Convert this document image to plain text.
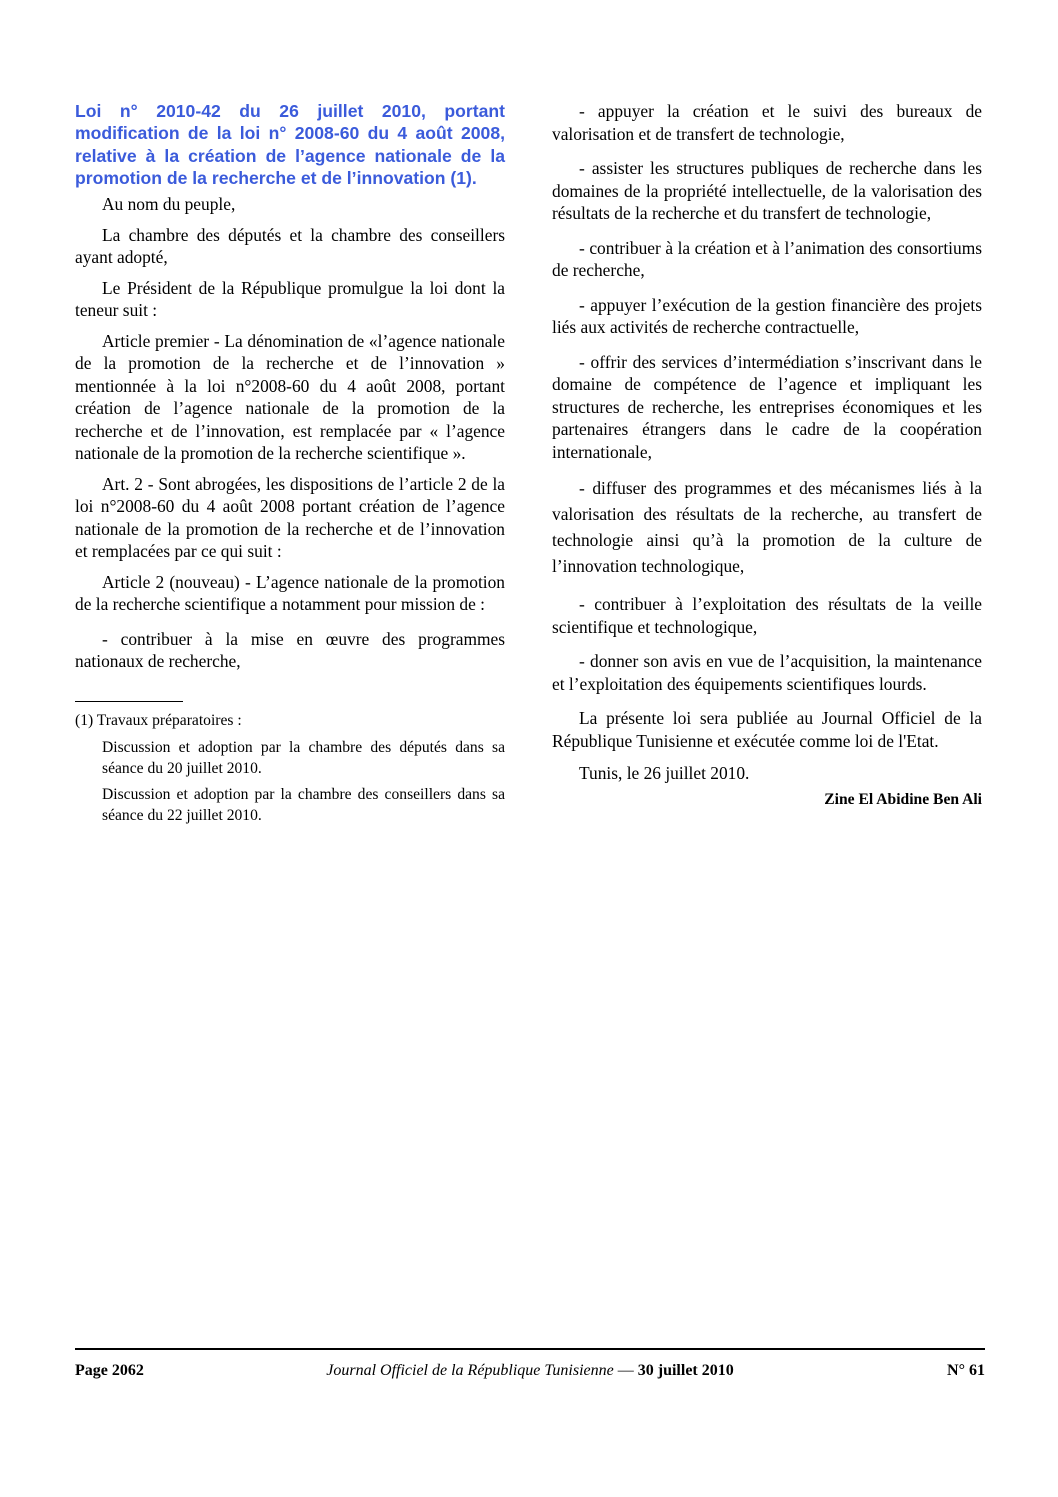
Loi n° 2010-42 du 26 juillet 2010, portant modification de la loi n° 2008-60 du 4 août 2008, relative à la création de l’agence nationale de la promotion de la recherche et de l’innovation (1).

Au nom du peuple,

La chambre des députés et la chambre des conseillers ayant adopté,

Le Président de la République promulgue la loi dont la teneur suit :

Article premier - La dénomination de «l’agence nationale de la promotion de la recherche et de l’innovation » mentionnée à la loi n°2008-60 du 4 août 2008, portant création de l’agence nationale de la promotion de la recherche et de l’innovation, est remplacée par « l’agence nationale de la promotion de la recherche scientifique ».

Art. 2 - Sont abrogées, les dispositions de l’article 2 de la loi n°2008-60 du 4 août 2008 portant création de l’agence nationale de la promotion de la recherche et de l’innovation et remplacées par ce qui suit :

Article 2 (nouveau) - L’agence nationale de la promotion de la recherche scientifique a notamment pour mission de :

- contribuer à la mise en œuvre des programmes nationaux de recherche,

(1) Travaux préparatoires :

Discussion et adoption par la chambre des députés dans sa séance du 20 juillet 2010.

Discussion et adoption par la chambre des conseillers dans sa séance du 22 juillet 2010.

- appuyer la création et le suivi des bureaux de valorisation et de transfert de technologie,

- assister les structures publiques de recherche dans les domaines de la propriété intellectuelle, de la valorisation des résultats de la recherche et du transfert de technologie,

- contribuer à la création et à l’animation des consortiums de recherche,

- appuyer l’exécution de la gestion financière des projets liés aux activités de recherche contractuelle,

- offrir des services d’intermédiation s’inscrivant dans le domaine de compétence de l’agence et impliquant les structures de recherche, les entreprises économiques et les partenaires étrangers dans le cadre de la coopération internationale,

- diffuser des programmes et des mécanismes liés à la valorisation des résultats de la recherche, au transfert de technologie ainsi qu’à la promotion de la culture de l’innovation technologique,

- contribuer à l’exploitation des résultats de la veille scientifique et technologique,

- donner son avis en vue de l’acquisition, la maintenance et l’exploitation des équipements scientifiques lourds.

La présente loi sera publiée au Journal Officiel de la République Tunisienne et exécutée comme loi de l'Etat.

Tunis, le 26 juillet 2010.

Zine El Abidine Ben Ali

Page 2062	Journal Officiel de la République Tunisienne — 30 juillet 2010	N° 61
